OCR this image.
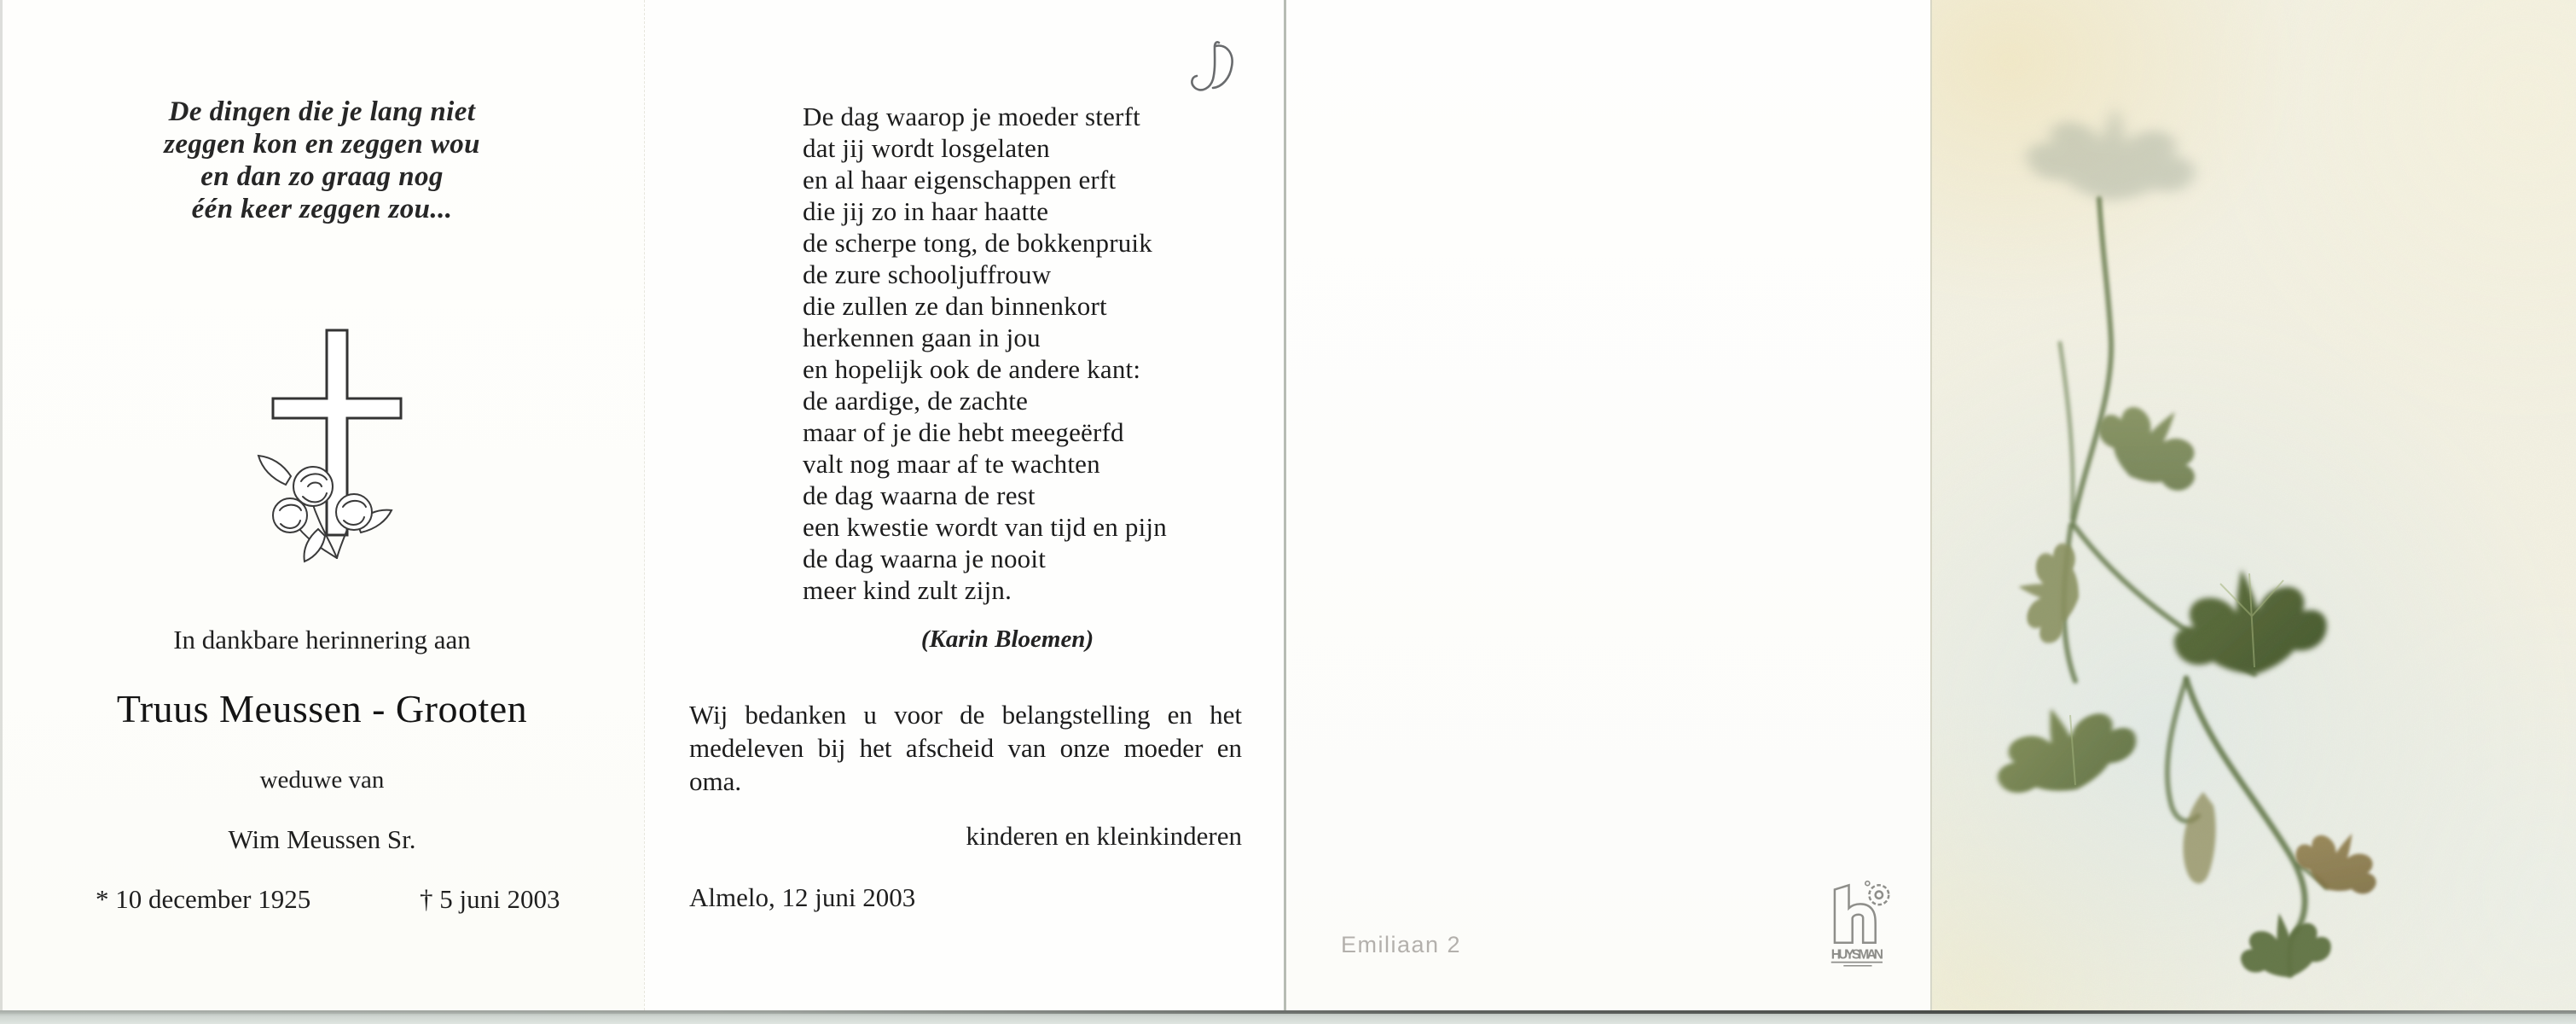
De dingen die je lang niet
zeggen kon en zeggen wou
en dan zo graag nog
één keer zeggen zou...
In dankbare herinnering aan
Truus Meussen - Grooten
weduwe van
Wim Meussen Sr.
* 10 december 1925	† 5 juni 2003
De dag waarop je moeder sterft
dat jij wordt losgelaten
en al haar eigenschappen erft
die jij zo in haar haatte
de scherpe tong, de bokkenpruik
de zure schooljuffrouw
die zullen ze dan binnenkort
herkennen gaan in jou
en hopelijk ook de andere kant:
de aardige, de zachte
maar of je die hebt meegeërfd
valt nog maar af te wachten
de dag waarna de rest
een kwestie wordt van tijd en pijn
de dag waarna je nooit
meer kind zult zijn.
(Karin Bloemen)

Wij bedanken u voor de belangstelling en het medeleven bij het afscheid van onze moeder en oma.

kinderen en kleinkinderen
Almelo, 12 juni 2003
Emiliaan 2	HUYSMAN
